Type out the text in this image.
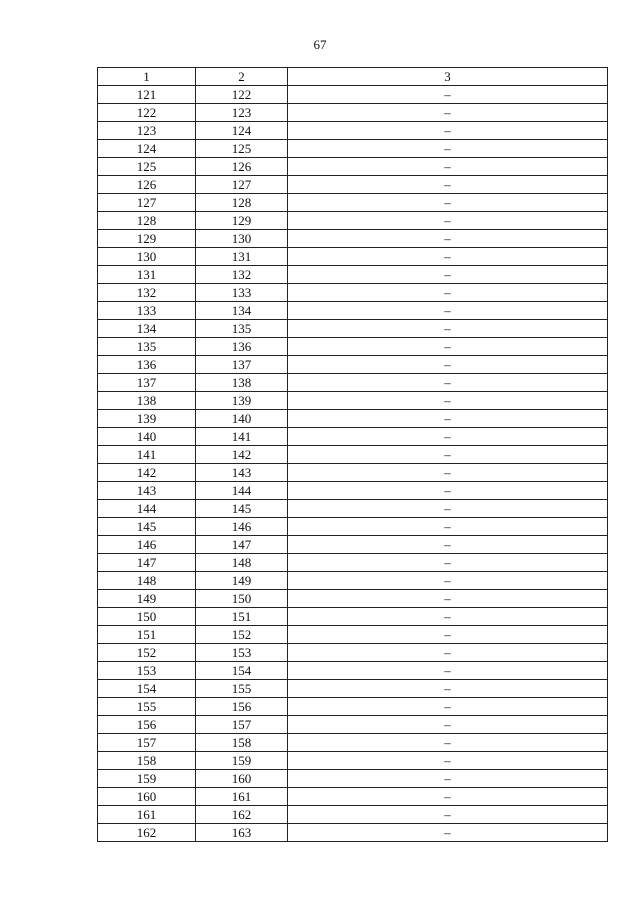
67
1	2	3
121	122	–
122	123	–
123	124	–
124	125	–
125	126	–
126	127	–
127	128	–
128	129	–
129	130	–
130	131	–
131	132	–
132	133	–
133	134	–
134	135	–
135	136	–
136	137	–
137	138	–
138	139	–
139	140	–
140	141	–
141	142	–
142	143	–
143	144	–
144	145	–
145	146	–
146	147	–
147	148	–
148	149	–
149	150	–
150	151	–
151	152	–
152	153	–
153	154	–
154	155	–
155	156	–
156	157	–
157	158	–
158	159	–
159	160	–
160	161	–
161	162	–
162	163	–
